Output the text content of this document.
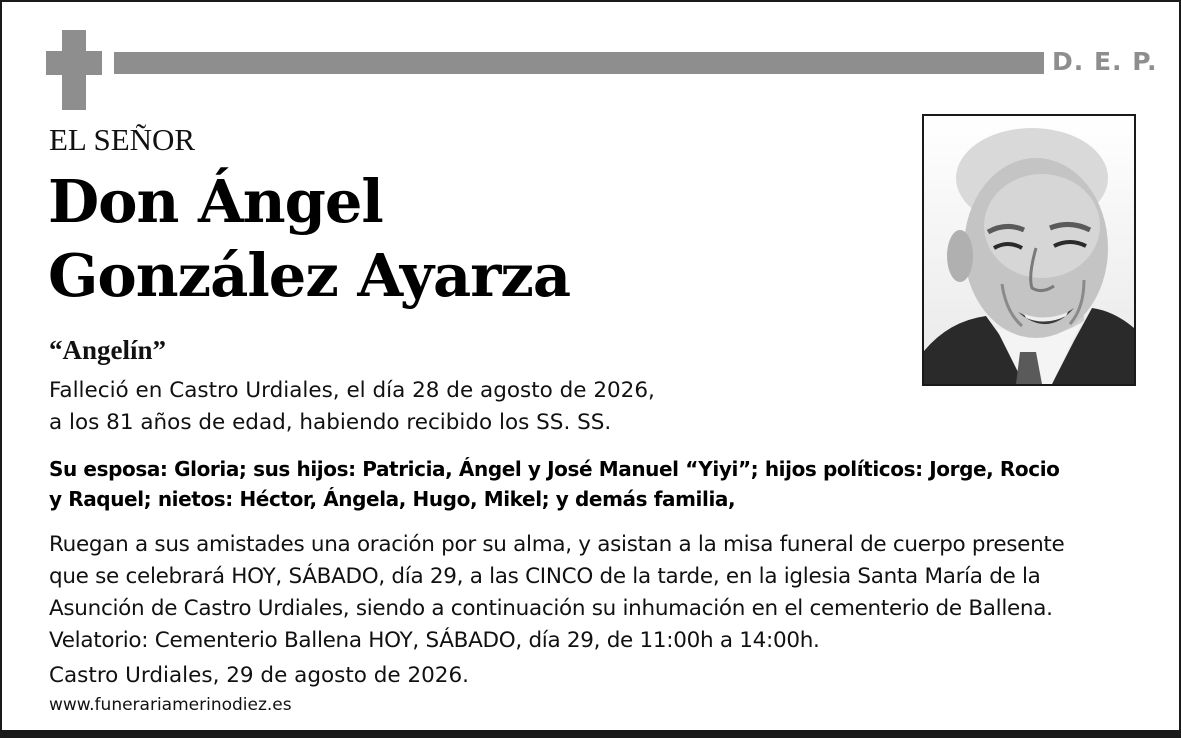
D. E. P.
EL SEÑOR
Don Ángel
González Ayarza
“Angelín”
Falleció en Castro Urdiales, el día 28 de agosto de 2026,
a los 81 años de edad, habiendo recibido los SS. SS.
Su esposa: Gloria; sus hijos: Patricia, Ángel y José Manuel “Yiyi”; hijos políticos: Jorge, Rocio
y Raquel; nietos: Héctor, Ángela, Hugo, Mikel; y demás familia,
Ruegan a sus amistades una oración por su alma, y asistan a la misa funeral de cuerpo presente
que se celebrará HOY, SÁBADO, día 29, a las CINCO de la tarde, en la iglesia Santa María de la
Asunción de Castro Urdiales, siendo a continuación su inhumación en el cementerio de Ballena.
Velatorio: Cementerio Ballena HOY, SÁBADO, día 29, de 11:00h a 14:00h.
Castro Urdiales, 29 de agosto de 2026.
www.funerariamerinodiez.es
